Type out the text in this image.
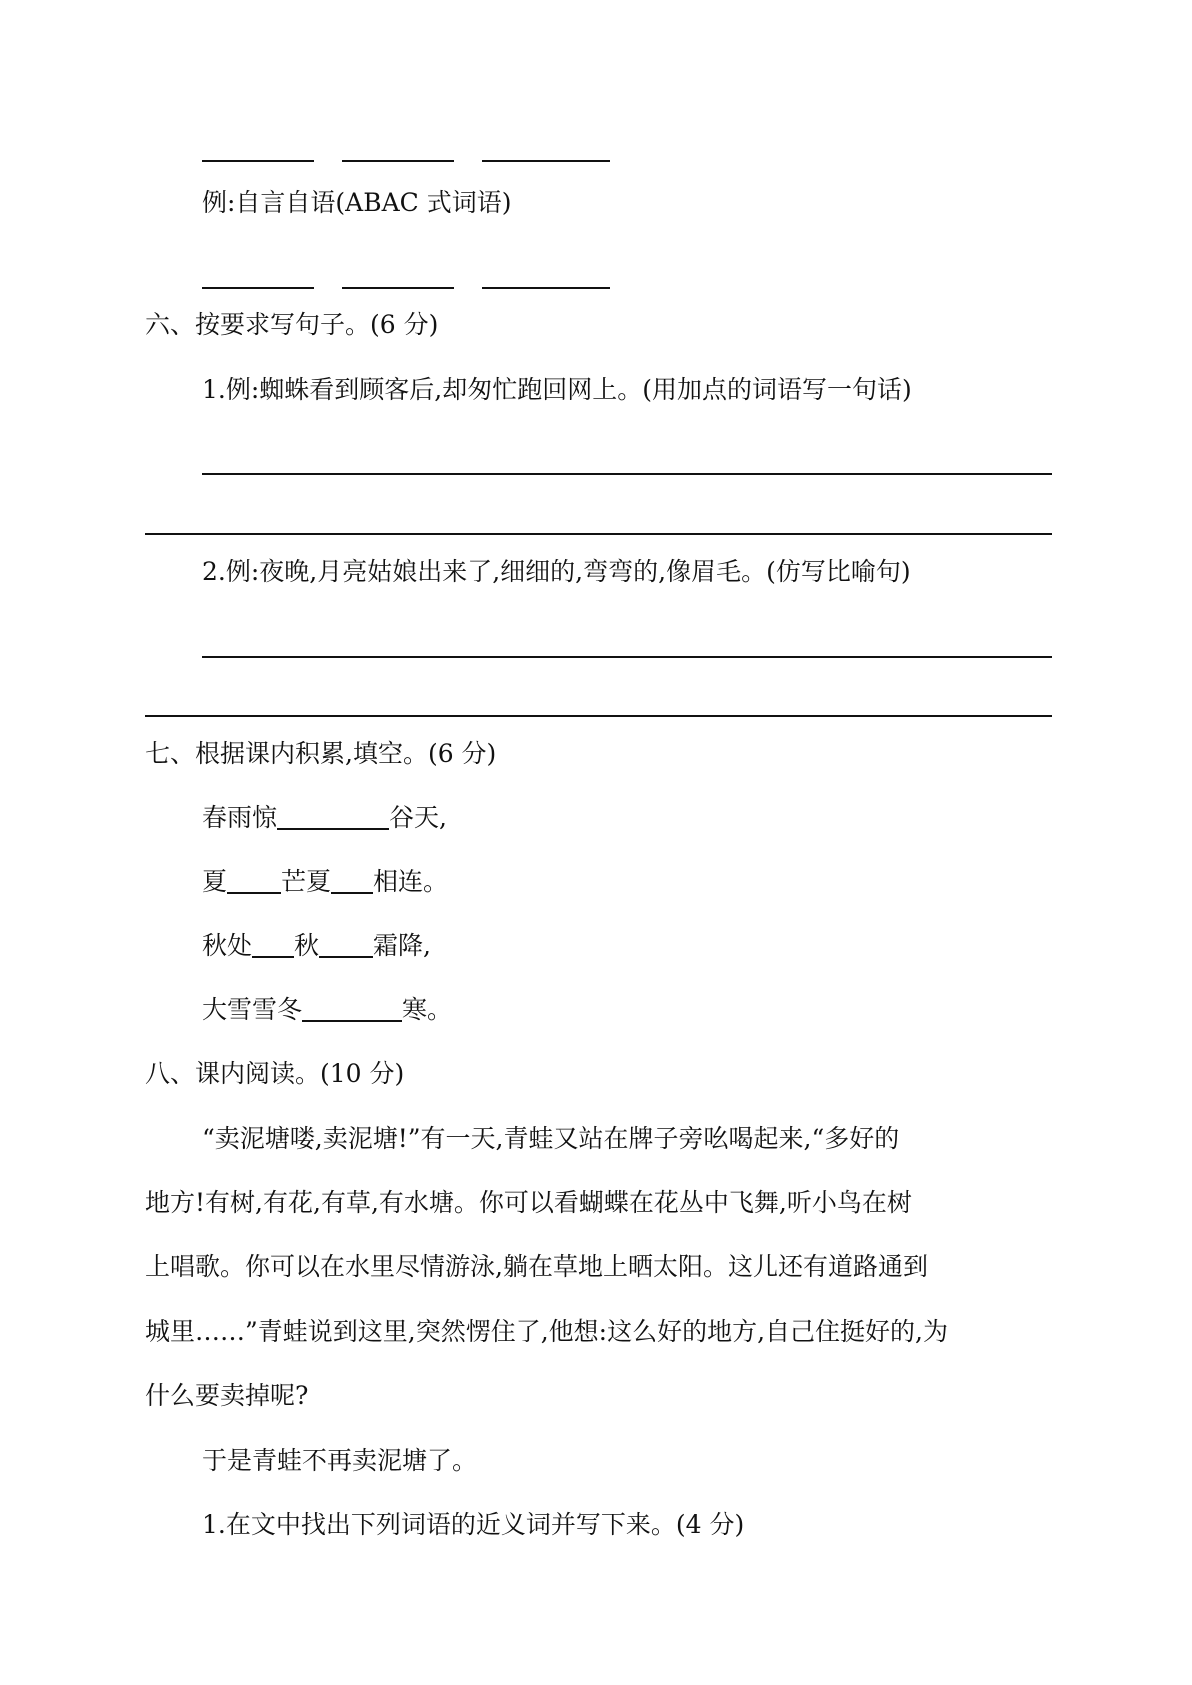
例:自言自语(ABAC 式词语)
六、按要求写句子。(6 分)
1.例:蜘蛛看到顾客后,却匆忙跑回网上。(用加点的词语写一句话)
2.例:夜晚,月亮姑娘出来了,细细的,弯弯的,像眉毛。(仿写比喻句)
七、根据课内积累,填空。(6 分)
春雨惊	谷天,
夏 芒夏 相连。
秋处 秋 霜降,
大雪雪冬	寒。
八、课内阅读。(10 分)
“卖泥塘喽,卖泥塘!”有一天,青蛙又站在牌子旁吆喝起来,“多好的
地方!有树,有花,有草,有水塘。你可以看蝴蝶在花丛中飞舞,听小鸟在树
上唱歌。你可以在水里尽情游泳,躺在草地上晒太阳。这儿还有道路通到
城里……”青蛙说到这里,突然愣住了,他想:这么好的地方,自己住挺好的,为
什么要卖掉呢?
于是青蛙不再卖泥塘了。
1.在文中找出下列词语的近义词并写下来。(4 分)
